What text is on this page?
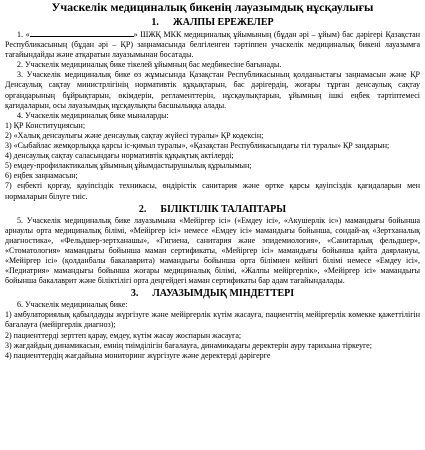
Учаскелік медициналық бикенің лауазымдық нұсқаулығы
1. ЖАЛПЫ ЕРЕЖЕЛЕР

1. «	» ШЖҚ МКК медициналық ұйымының (бұдан әрі – ұйым) бас дәрігері Қазақстан Республикасының (бұдан әрі – ҚР) заңнамасында белгіленген тәртіппен учаскелік медициналық бикені лауазымға тағайындайды және атқаратын лауазымынан босатады.

2. Учаскелік медициналық бике тікелей ұйымның бас медбикесіне бағынады.

3. Учаскелік медициналық бике өз жұмысында Қазақстан Республикасының қолданыстағы заңнамасын және ҚР Денсаулық сақтау министрлігінің нормативтік құқықтарын, бас дәрігердің, жоғары тұрған денсаулық сақтау органдарының бұйрықтарын, өкімдерін, регламенттерін, нұсқаулықтарын, ұйымның ішкі еңбек тәртіптемесі қағидаларын, осы лауазымдық нұсқаулықты басшылыққа алады.

4. Учаскелік медициналық бике мыналарды:

1) ҚР Конституциясын;

2) «Халық денсаулығы және денсаулық сақтау жүйесі туралы» ҚР кодексін;

3) «Сыбайлас жемқорлыққа қарсы іс-қимыл туралы», «Қазақстан Республикасындағы тіл туралы» ҚР заңдарын;

4) денсаулық сақтау саласындағы нормативтік құқықтық актілерді;

5) емдеу-профилактикалық ұйымның ұйымдастырушылық құрылымын;

6) еңбек заңнамасын;

7) еңбекті қорғау, қауіпсіздік техникасы, өндірістік санитария және өртке қарсы қауіпсіздік қағидаларын мен нормаларын білуге тиіс.

2. БІЛІКТІЛІК ТАЛАПТАРЫ

5. Учаскелік медициналық бике лауазымына «Мейіргер ісі» («Емдеу ісі», «Акушерлік іс») мамандығы бойынша арнаулы орта медициналық білімі, «Мейіргер ісі» немесе «Емдеу ісі» мамандығы бойынша, сондай-ақ «Зертханалық диагностика», «Фельдшер-зертханашы», «Гигиена, санитария және эпидемиология», «Санитарлық фельдшер», «Стоматология» мамандығы бойынша маман сертификаты, «Мейіргер ісі» мамандығы бойынша қайта даярлануы, «Мейіргер ісі» (қолданбалы бакалаврита) мамандығы бойынша орта білімнен кейінгі білімі немесе «Емдеу ісі», «Педиатрия» мамандығы бойынша жоғары медициналық білімі, «Жалпы мейіргерлік», «Мейіргер ісі» мамандығы бойынша бакалаврит және біліктілігі орта деңгейдегі маман сертификаты бар адам тағайындалады.

3. ЛАУАЗЫМДЫҚ МІНДЕТТЕРІ

6. Учаскелік медициналық бике:

1) амбулаториялық қабылдауды жүргізуге және мейіргерлік күтім жасауға, пациенттің мейіргерлік көмекке қажеттілігін бағалауға (мейіргерлік диагноз);

2) пациенттерді зерттеп қарау, емдеу, күтім жасау жоспарын жасауға;

3) жағдайдың динамикасын, емнің тиімділігін бағалауға, динамикадағы деректерін ауру тарихына тіркеуге;

4) пациенттердің жағдайына мониторинг жүргізуге және деректерді дәрігерге
